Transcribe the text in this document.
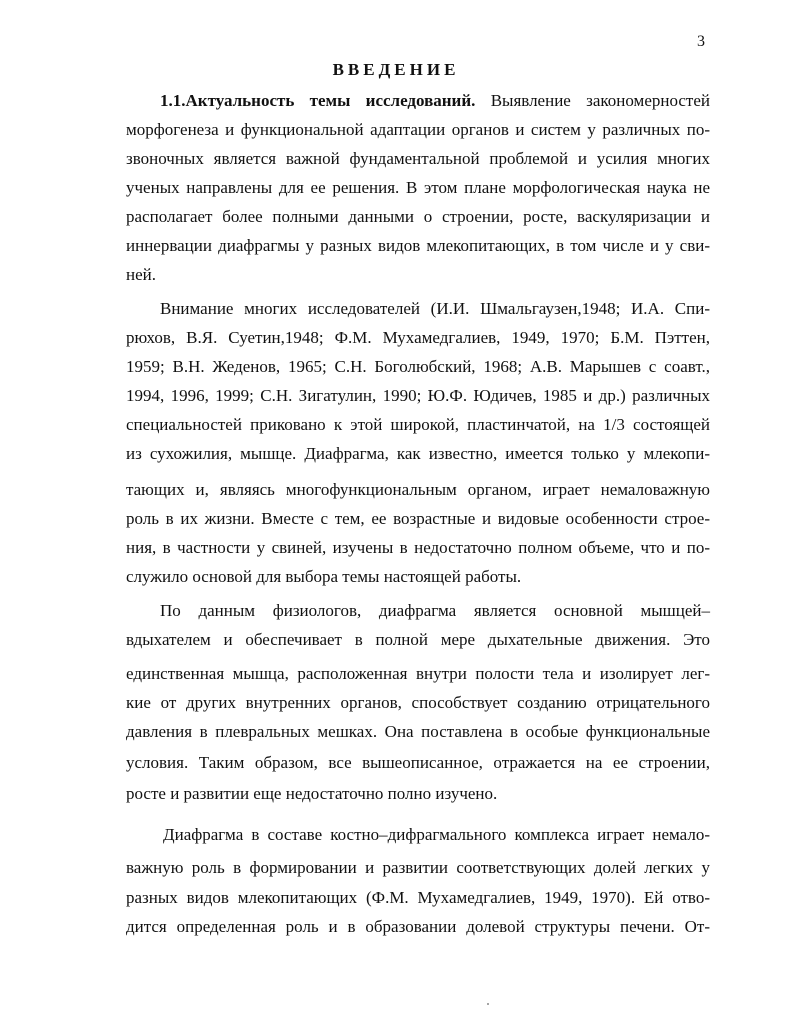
3
ВВЕДЕНИЕ
1.1.Актуальность темы исследований. Выявление закономерностей
морфогенеза и функциональной адаптации органов и систем у различных по-
звоночных является важной фундаментальной проблемой и усилия многих
ученых направлены для ее решения. В этом плане морфологическая наука не
располагает более полными данными о строении, росте, васкуляризации и
иннервации диафрагмы у разных видов млекопитающих, в том числе и у сви-
ней.
Внимание многих исследователей (И.И. Шмальгаузен,1948; И.А. Спи-
рюхов, В.Я. Суетин,1948; Ф.М. Мухамедгалиев, 1949, 1970; Б.М. Пэттен,
1959; В.Н. Жеденов, 1965; С.Н. Боголюбский, 1968; А.В. Марышев с соавт.,
1994, 1996, 1999; С.Н. Зигатулин, 1990; Ю.Ф. Юдичев, 1985 и др.) различных
специальностей приковано к этой широкой, пластинчатой, на 1/3 состоящей
из сухожилия, мышце. Диафрагма, как известно, имеется только у млекопи-
тающих и, являясь многофункциональным органом, играет немаловажную
роль в их жизни. Вместе с тем, ее возрастные и видовые особенности строе-
ния, в частности у свиней, изучены в недостаточно полном объеме, что и по-
служило основой для выбора темы настоящей работы.
По данным физиологов, диафрагма является основной мышцей–
вдыхателем и обеспечивает в полной мере дыхательные движения. Это
единственная мышца, расположенная внутри полости тела и изолирует лег-
кие от других внутренних органов, способствует созданию отрицательного
давления в плевральных мешках. Она поставлена в особые функциональные
условия. Таким образом, все вышеописанное, отражается на ее строении,
росте и развитии еще недостаточно полно изучено.
Диафрагма в составе костно–дифрагмального комплекса играет немало-
важную роль в формировании и развитии соответствующих долей легких у
разных видов млекопитающих (Ф.М. Мухамедгалиев, 1949, 1970). Ей отво-
дится определенная роль и в образовании долевой структуры печени. От-
